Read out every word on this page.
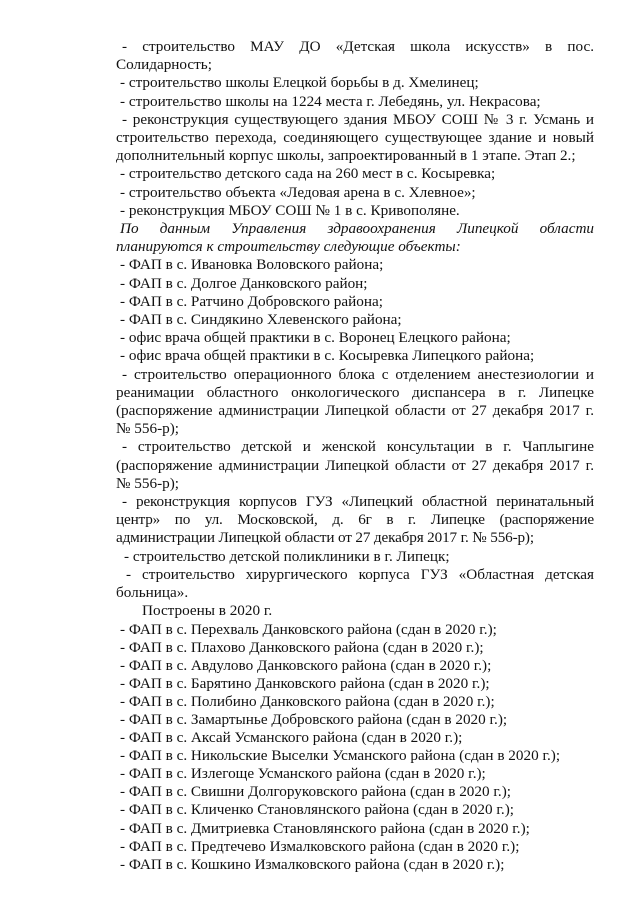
- строительство МАУ ДО «Детская школа искусств» в пос. Солидарность;

- строительство школы Елецкой борьбы в д. Хмелинец;

- строительство школы на 1224 места г. Лебедянь, ул. Некрасова;

- реконструкция существующего здания МБОУ СОШ № 3 г. Усмань и строительство перехода, соединяющего существующее здание и новый дополнительный корпус школы, запроектированный в 1 этапе. Этап 2.;

- строительство детского сада на 260 мест в с. Косыревка;

- строительство объекта «Ледовая арена в с. Хлевное»;

- реконструкция МБОУ СОШ № 1 в с. Кривополяне.

По данным Управления здравоохранения Липецкой области планируются к строительству следующие объекты:

- ФАП в с. Ивановка Воловского района;

- ФАП в с. Долгое Данковского район;

- ФАП в с. Ратчино Добровского района;

- ФАП в с. Синдякино Хлевенского района;

- офис врача общей практики в с. Воронец Елецкого района;

- офис врача общей практики в с. Косыревка Липецкого района;

- строительство операционного блока с отделением анестезиологии и реанимации областного онкологического диспансера в г. Липецке (распоряжение администрации Липецкой области от 27 декабря 2017 г. № 556-р);

- строительство детской и женской консультации в г. Чаплыгине (распоряжение администрации Липецкой области от 27 декабря 2017 г. № 556-р);

- реконструкция корпусов ГУЗ «Липецкий областной перинатальный центр» по ул. Московской, д. 6г в г. Липецке (распоряжение администрации Липецкой области от 27 декабря 2017 г. № 556-р);

- строительство детской поликлиники в г. Липецк;

- строительство хирургического корпуса ГУЗ «Областная детская больница».

Построены в 2020 г.

- ФАП в с. Перехваль Данковского района (сдан в 2020 г.);

- ФАП в с. Плахово Данковского района (сдан в 2020 г.);

- ФАП в с. Авдулово Данковского района (сдан в 2020 г.);

- ФАП в с. Барятино Данковского района (сдан в 2020 г.);

- ФАП в с. Полибино Данковского района (сдан в 2020 г.);

- ФАП в с. Замартынье Добровского района (сдан в 2020 г.);

- ФАП в с. Аксай Усманского района (сдан в 2020 г.);

- ФАП в с. Никольские Выселки Усманского района (сдан в 2020 г.);

- ФАП в с. Излегоще Усманского района (сдан в 2020 г.);

- ФАП в с. Свишни Долгоруковского района (сдан в 2020 г.);

- ФАП в с. Кличенко Становлянского района (сдан в 2020 г.);

- ФАП в с. Дмитриевка Становлянского района (сдан в 2020 г.);

- ФАП в с. Предтечево Измалковского района (сдан в 2020 г.);

- ФАП в с. Кошкино Измалковского района (сдан в 2020 г.);
